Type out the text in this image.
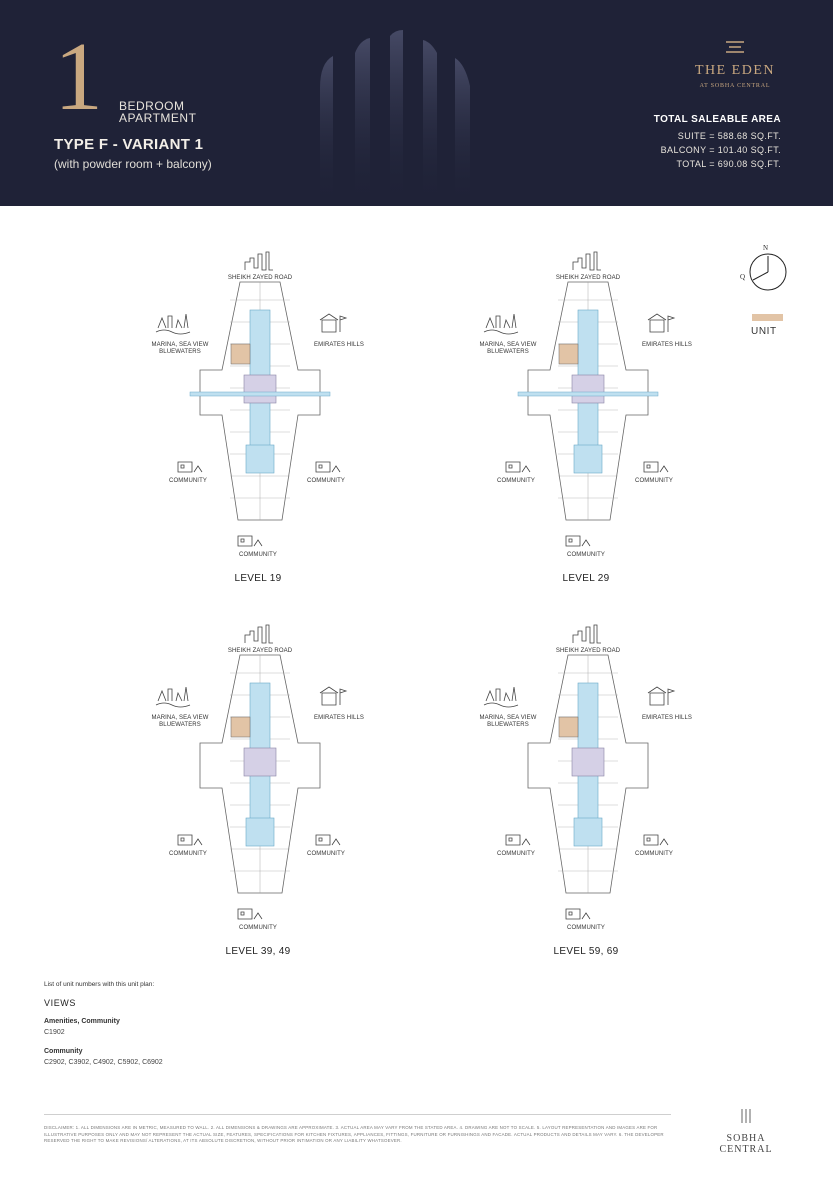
1 BEDROOM
APARTMENT
TYPE F - VARIANT 1
(with powder room + balcony)
THE EDEN
AT SOBHA CENTRAL
TOTAL SALEABLE AREA
SUITE = 588.68 SQ.FT.
BALCONY = 101.40 SQ.FT.
TOTAL = 690.08 SQ.FT.
N
Q
UNIT
SHEIKH ZAYED ROAD
MARINA, SEA VIEW
BLUEWATERS
EMIRATES HILLS
COMMUNITY	COMMUNITY
COMMUNITY
LEVEL 19
SHEIKH ZAYED ROAD
MARINA, SEA VIEW
BLUEWATERS
EMIRATES HILLS
COMMUNITY	COMMUNITY
COMMUNITY
LEVEL 29
SHEIKH ZAYED ROAD
MARINA, SEA VIEW
BLUEWATERS
EMIRATES HILLS
COMMUNITY	COMMUNITY
COMMUNITY
LEVEL 39, 49
SHEIKH ZAYED ROAD
MARINA, SEA VIEW
BLUEWATERS
EMIRATES HILLS
COMMUNITY	COMMUNITY
COMMUNITY
LEVEL 59, 69
List of unit numbers with this unit plan:
VIEWS
Amenities, Community
C1902
Community
C2902, C3902, C4902, C5902, C6902
DISCLAIMER: 1. ALL DIMENSIONS ARE IN METRIC, MEASURED TO WALL. 2. ALL DIMENSIONS & DRAWINGS ARE APPROXIMATE. 3. ACTUAL AREA MAY VARY FROM THE STATED AREA. 4. DRAWING ARE NOT TO SCALE. 5. LAYOUT REPRESENTATION AND IMAGES ARE FOR ILLUSTRATIVE PURPOSES ONLY AND MAY NOT REPRESENT THE ACTUAL SIZE, FEATURES, SPECIFICATIONS FOR KITCHEN FIXTURES, APPLIANCES, FITTINGS, FURNITURE OR FURNISHINGS AND FACADE. ACTUAL PRODUCTS AND DETAILS MAY VARY. 6. THE DEVELOPER RESERVED THE RIGHT TO MAKE REVISIONS/ ALTERATIONS, AT ITS ABSOLUTE DISCRETION, WITHOUT PRIOR INTIMATION OR ANY LIABILITY WHATSOEVER.	SOBHA CENTRAL
